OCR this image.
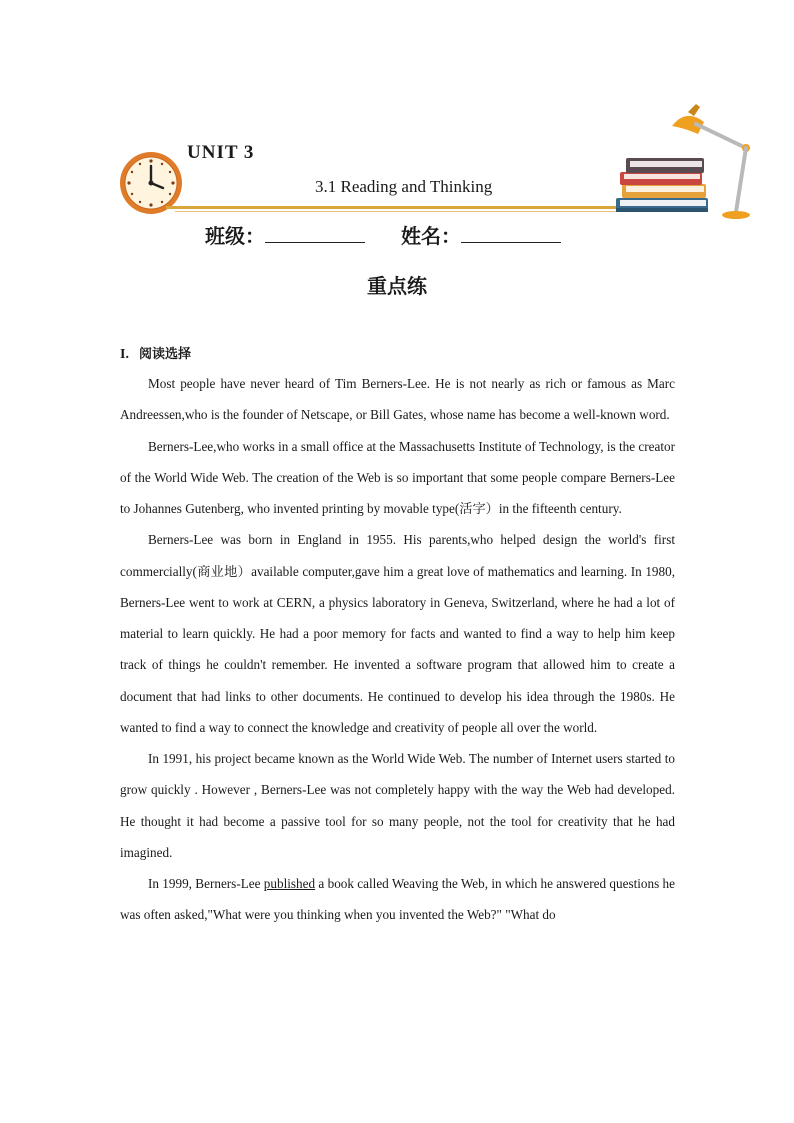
UNIT 3
3.1 Reading and Thinking
班级：	姓名：
重点练
I. 阅读选择

Most people have never heard of Tim Berners-Lee. He is not nearly as rich or famous as Marc Andreessen,who is the founder of Netscape, or Bill Gates, whose name has become a well-known word.

Berners-Lee,who works in a small office at the Massachusetts Institute of Technology, is the creator of the World Wide Web. The creation of the Web is so important that some people compare Berners-Lee to Johannes Gutenberg, who invented printing by movable type(活字）in the fifteenth century.

Berners-Lee was born in England in 1955. His parents,who helped design the world's first commercially(商业地）available computer,gave him a great love of mathematics and learning. In 1980, Berners-Lee went to work at CERN, a physics laboratory in Geneva, Switzerland, where he had a lot of material to learn quickly. He had a poor memory for facts and wanted to find a way to help him keep track of things he couldn't remember. He invented a software program that allowed him to create a document that had links to other documents. He continued to develop his idea through the 1980s. He wanted to find a way to connect the knowledge and creativity of people all over the world.

In 1991, his project became known as the World Wide Web. The number of Internet users started to grow quickly . However , Berners-Lee was not completely happy with the way the Web had developed. He thought it had become a passive tool for so many people, not the tool for creativity that he had imagined.

In 1999, Berners-Lee published a book called Weaving the Web, in which he answered questions he was often asked,"What were you thinking when you invented the Web?" "What do
